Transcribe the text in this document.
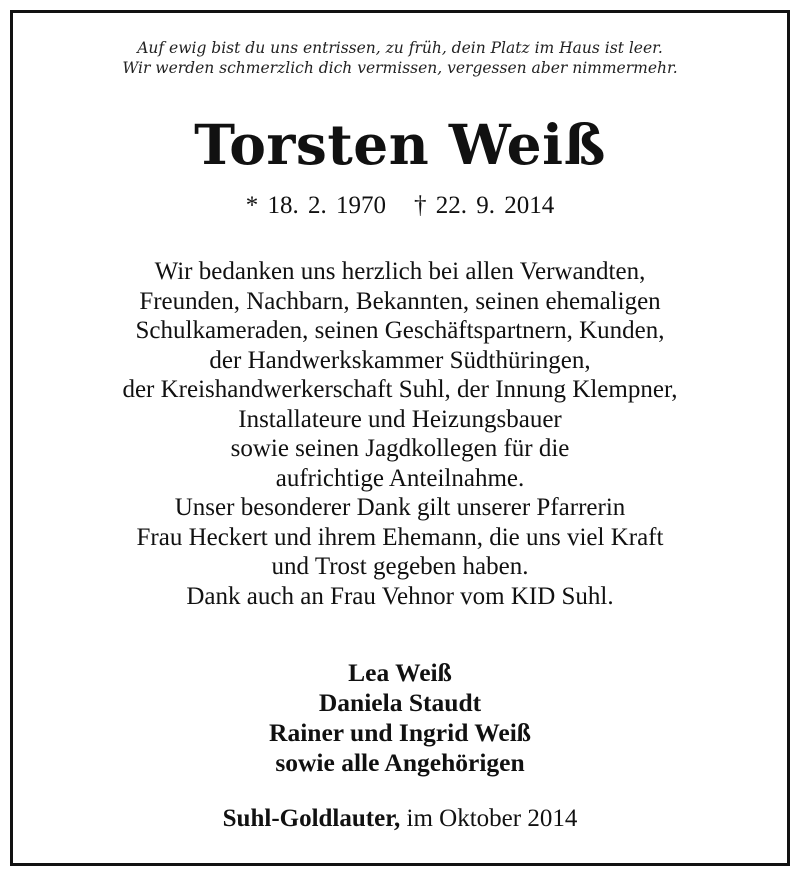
Auf ewig bist du uns entrissen, zu früh, dein Platz im Haus ist leer.
Wir werden schmerzlich dich vermissen, vergessen aber nimmermehr.
Torsten Weiß
* 18. 2. 1970 † 22. 9. 2014
Wir bedanken uns herzlich bei allen Verwandten,
Freunden, Nachbarn, Bekannten, seinen ehemaligen
Schulkameraden, seinen Geschäftspartnern, Kunden,
der Handwerkskammer Südthüringen,
der Kreishandwerkerschaft Suhl, der Innung Klempner,
Installateure und Heizungsbauer
sowie seinen Jagdkollegen für die
aufrichtige Anteilnahme.
Unser besonderer Dank gilt unserer Pfarrerin
Frau Heckert und ihrem Ehemann, die uns viel Kraft
und Trost gegeben haben.
Dank auch an Frau Vehnor vom KID Suhl.
Lea Weiß
Daniela Staudt
Rainer und Ingrid Weiß
sowie alle Angehörigen
Suhl-Goldlauter, im Oktober 2014
